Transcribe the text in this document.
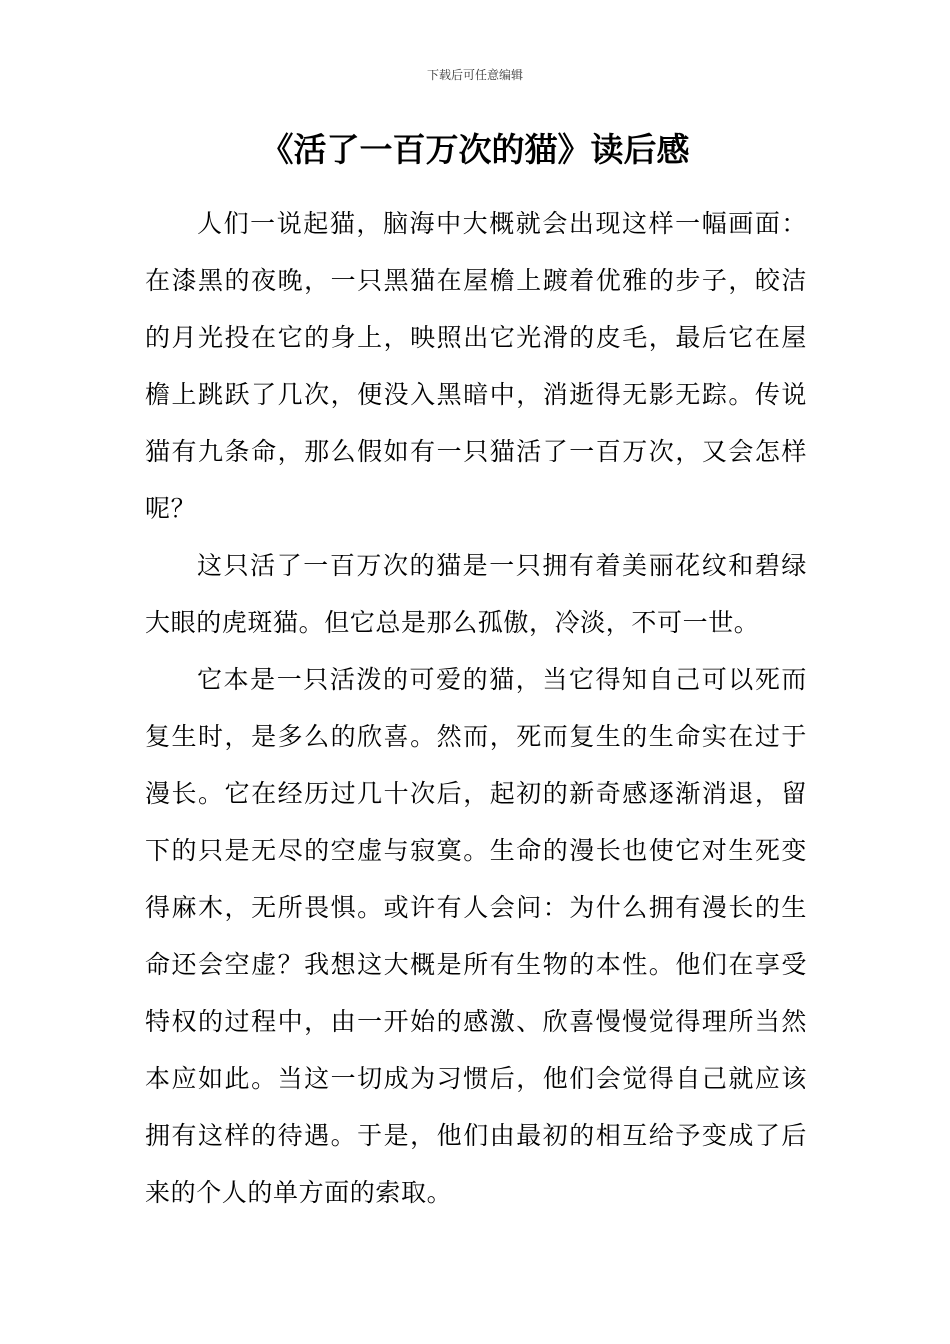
下载后可任意编辑
《活了一百万次的猫》读后感

人们一说起猫，脑海中大概就会出现这样一幅画面：在漆黑的夜晚，一只黑猫在屋檐上踱着优雅的步子，皎洁的月光投在它的身上，映照出它光滑的皮毛，最后它在屋檐上跳跃了几次，便没入黑暗中，消逝得无影无踪。传说猫有九条命，那么假如有一只猫活了一百万次，又会怎样呢？

这只活了一百万次的猫是一只拥有着美丽花纹和碧绿大眼的虎斑猫。但它总是那么孤傲，冷淡，不可一世。

它本是一只活泼的可爱的猫，当它得知自己可以死而复生时，是多么的欣喜。然而，死而复生的生命实在过于漫长。它在经历过几十次后，起初的新奇感逐渐消退，留下的只是无尽的空虚与寂寞。生命的漫长也使它对生死变得麻木，无所畏惧。或许有人会问：为什么拥有漫长的生命还会空虚？我想这大概是所有生物的本性。他们在享受特权的过程中，由一开始的感激、欣喜慢慢觉得理所当然本应如此。当这一切成为习惯后，他们会觉得自己就应该拥有这样的待遇。于是，他们由最初的相互给予变成了后来的个人的单方面的索取。
